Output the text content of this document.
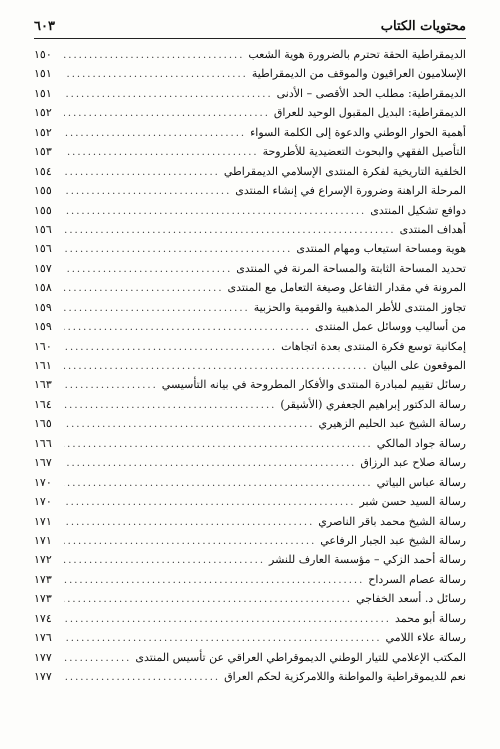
محتويات الكتاب
٦٠٣
الديمقراطية الحقة تحترم بالضرورة هوية الشعب
.....
١٥٠
الإسلاميون العراقيون والموقف من الديمقراطية
.....
١٥١
الديمقراطية: مطلب الحد الأقصى – الأدنى
.....
١٥١
الديمقراطية: البديل المقبول الوحيد للعراق
.....
١٥٢
أهمية الحوار الوطني والدعوة إلى الكلمة السواء
.....
١٥٢
التأصيل الفقهي والبحوث التعضيدية للأطروحة
.....
١٥٣
الخلفية التاريخية لفكرة المنتدى الإسلامي الديمقراطي
.....
١٥٤
المرحلة الراهنة وضرورة الإسراع في إنشاء المنتدى
.....
١٥٥
دوافع تشكيل المنتدى
.....
١٥٥
أهداف المنتدى
.....
١٥٦
هوية ومساحة استيعاب ومهام المنتدى
.....
١٥٦
تحديد المساحة الثابتة والمساحة المرنة في المنتدى
.....
١٥٧
المرونة في مقدار التفاعل وصيغة التعامل مع المنتدى
.....
١٥٨
تجاوز المنتدى للأطر المذهبية والقومية والحزبية
.....
١٥٩
من أساليب ووسائل عمل المنتدى
.....
١٥٩
إمكانية توسع فكرة المنتدى بعدة اتجاهات
.....
١٦٠
الموقعون على البيان
.....
١٦١
رسائل تقييم لمبادرة المنتدى والأفكار المطروحة في بيانه التأسيسي
.....
١٦٣
رسالة الدكتور إبراهيم الجعفري (الأشيقر)
.....
١٦٤
رسالة الشيخ عبد الحليم الزهيري
.....
١٦٥
رسالة جواد المالكي
.....
١٦٦
رسالة صلاح عبد الرزاق
.....
١٦٧
رسالة عباس البياتي
.....
١٧٠
رسالة السيد حسن شبر
.....
١٧٠
رسالة الشيخ محمد باقر الناصري
.....
١٧١
رسالة الشيخ عبد الجبار الرفاعي
.....
١٧١
رسالة أحمد الزكي – مؤسسة العارف للنشر
.....
١٧٢
رسالة عصام السرداح
.....
١٧٣
رسائل د. أسعد الخفاجي
.....
١٧٣
رسالة أبو محمد
.....
١٧٤
رسالة علاء اللامي
.....
١٧٦
المكتب الإعلامي للتيار الوطني الديموقراطي العراقي عن تأسيس المنتدى
.....
١٧٧
نعم للديموقراطية والمواطنة واللامركزية لحكم العراق
.....
١٧٧
